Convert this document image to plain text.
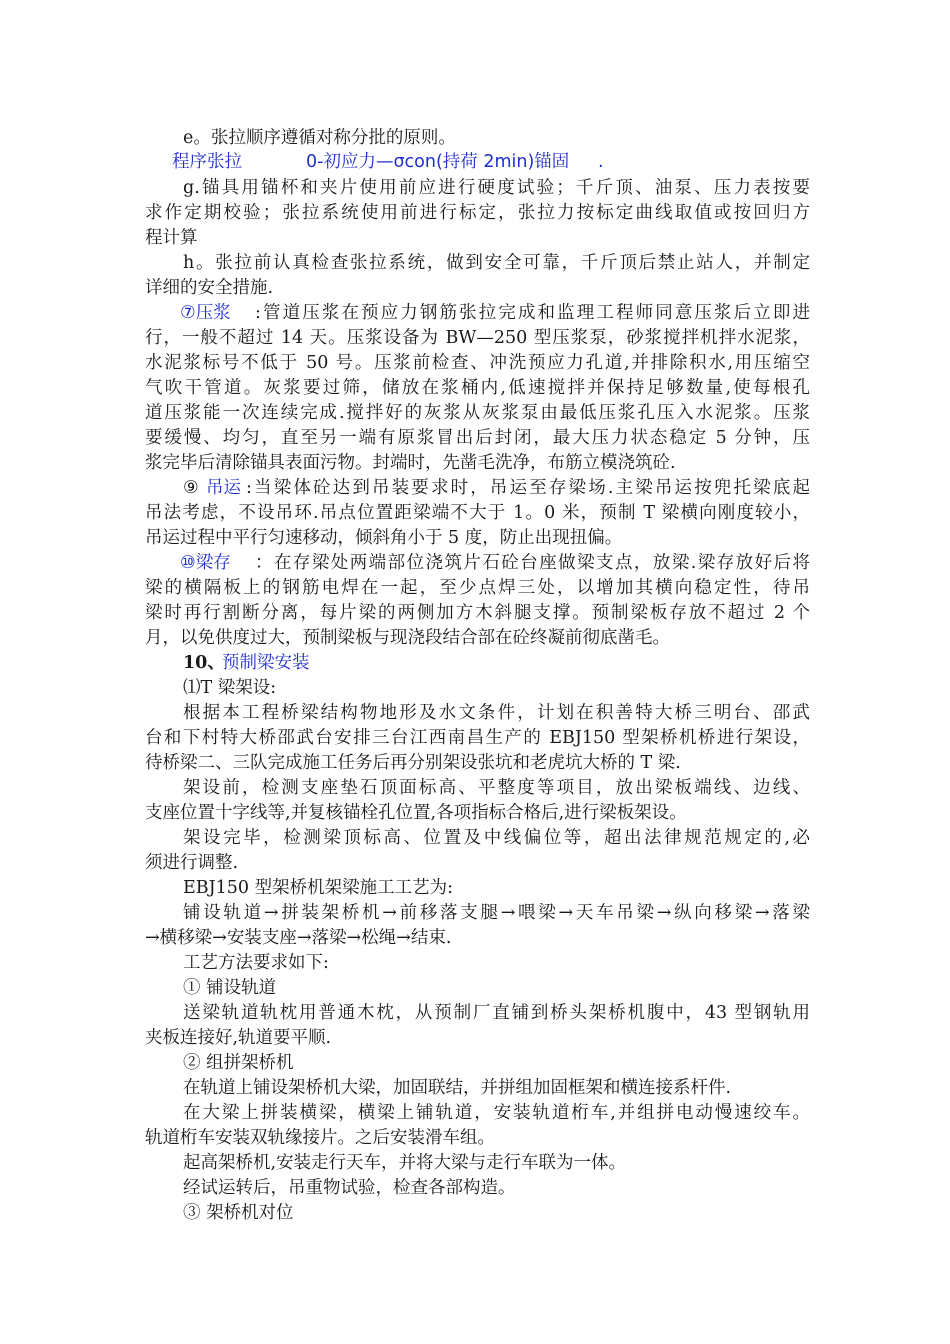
e。张拉顺序遵循对称分批的原则。
程序张拉	0-初应力—σcon(持荷 2min)锚固 .
g.锚具用锚杯和夹片使用前应进行硬度试验；千斤顶、油泵、压力表按要
求作定期校验；张拉系统使用前进行标定，张拉力按标定曲线取值或按回归方
程计算
h。张拉前认真检查张拉系统，做到安全可靠，千斤顶后禁止站人，并制定
详细的安全措施.
⑦压浆 :管道压浆在预应力钢筋张拉完成和监理工程师同意压浆后立即进
行，一般不超过 14 天。压浆设备为 BW—250 型压浆泵，砂浆搅拌机拌水泥浆，
水泥浆标号不低于 50 号。压浆前检查、冲洗预应力孔道,并排除积水,用压缩空
气吹干管道。灰浆要过筛，储放在浆桶内,低速搅拌并保持足够数量,使每根孔
道压浆能一次连续完成.搅拌好的灰浆从灰浆泵由最低压浆孔压入水泥浆。压浆
要缓慢、均匀，直至另一端有原浆冒出后封闭，最大压力状态稳定 5 分钟，压
浆完毕后清除锚具表面污物。封端时，先凿毛洗净，布筋立模浇筑砼.
⑨ 吊运 :当梁体砼达到吊装要求时，吊运至存梁场.主梁吊运按兜托梁底起
吊法考虑，不设吊环.吊点位置距梁端不大于 1。0 米，预制 T 梁横向刚度较小，
吊运过程中平行匀速移动，倾斜角小于 5 度，防止出现扭偏。
⑩梁存 ：在存梁处两端部位浇筑片石砼台座做梁支点，放梁.梁存放好后将
梁的横隔板上的钢筋电焊在一起，至少点焊三处，以增加其横向稳定性，待吊
梁时再行割断分离，每片梁的两侧加方木斜腿支撑。预制梁板存放不超过 2 个
月，以免供度过大，预制梁板与现浇段结合部在砼终凝前彻底凿毛。
10、
预制梁安装
⑴T 梁架设:
根据本工程桥梁结构物地形及水文条件，计划在积善特大桥三明台、邵武
台和下村特大桥邵武台安排三台江西南昌生产的 EBJ150 型架桥机桥进行架设，
待桥梁二、三队完成施工任务后再分别架设张坑和老虎坑大桥的 T 梁.
架设前，检测支座垫石顶面标高、平整度等项目，放出梁板端线、边线、
支座位置十字线等,并复核锚栓孔位置,各项指标合格后,进行梁板架设。
架设完毕，检测梁顶标高、位置及中线偏位等，超出法律规范规定的,必
须进行调整.
EBJ150 型架桥机架梁施工工艺为:
铺设轨道→拼装架桥机→前移落支腿→喂梁→天车吊梁→纵向移梁→落梁
→横移梁→安装支座→落梁→松绳→结束.
工艺方法要求如下:
① 铺设轨道
送梁轨道轨枕用普通木枕，从预制厂直铺到桥头架桥机腹中，43 型钢轨用
夹板连接好,轨道要平顺.
② 组拼架桥机
在轨道上铺设架桥机大梁，加固联结，并拼组加固框架和横连接系杆件.
在大梁上拼装横梁，横梁上铺轨道，安装轨道桁车,并组拼电动慢速绞车。
轨道桁车安装双轨缘接片。之后安装滑车组。
起高架桥机,安装走行天车，并将大梁与走行车联为一体。
经试运转后，吊重物试验，检查各部构造。
③ 架桥机对位
